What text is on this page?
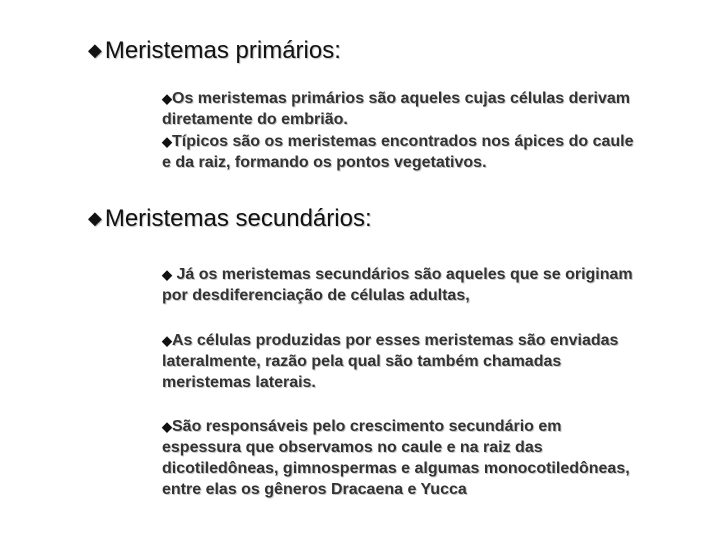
◆ Meristemas primários:
◆Os meristemas primários são aqueles cujas células derivam diretamente do embrião.
◆Típicos são os meristemas encontrados nos ápices do caule e da raiz, formando os pontos vegetativos.
◆ Meristemas secundários:
◆ Já os meristemas secundários são aqueles que se originam por desdiferenciação de células adultas,
◆As células produzidas por esses meristemas são enviadas lateralmente, razão pela qual são também chamadas meristemas laterais.
◆São responsáveis pelo crescimento secundário em espessura que observamos no caule e na raiz das dicotiledôneas, gimnospermas e algumas monocotiledôneas, entre elas os gêneros Dracaena e Yucca
